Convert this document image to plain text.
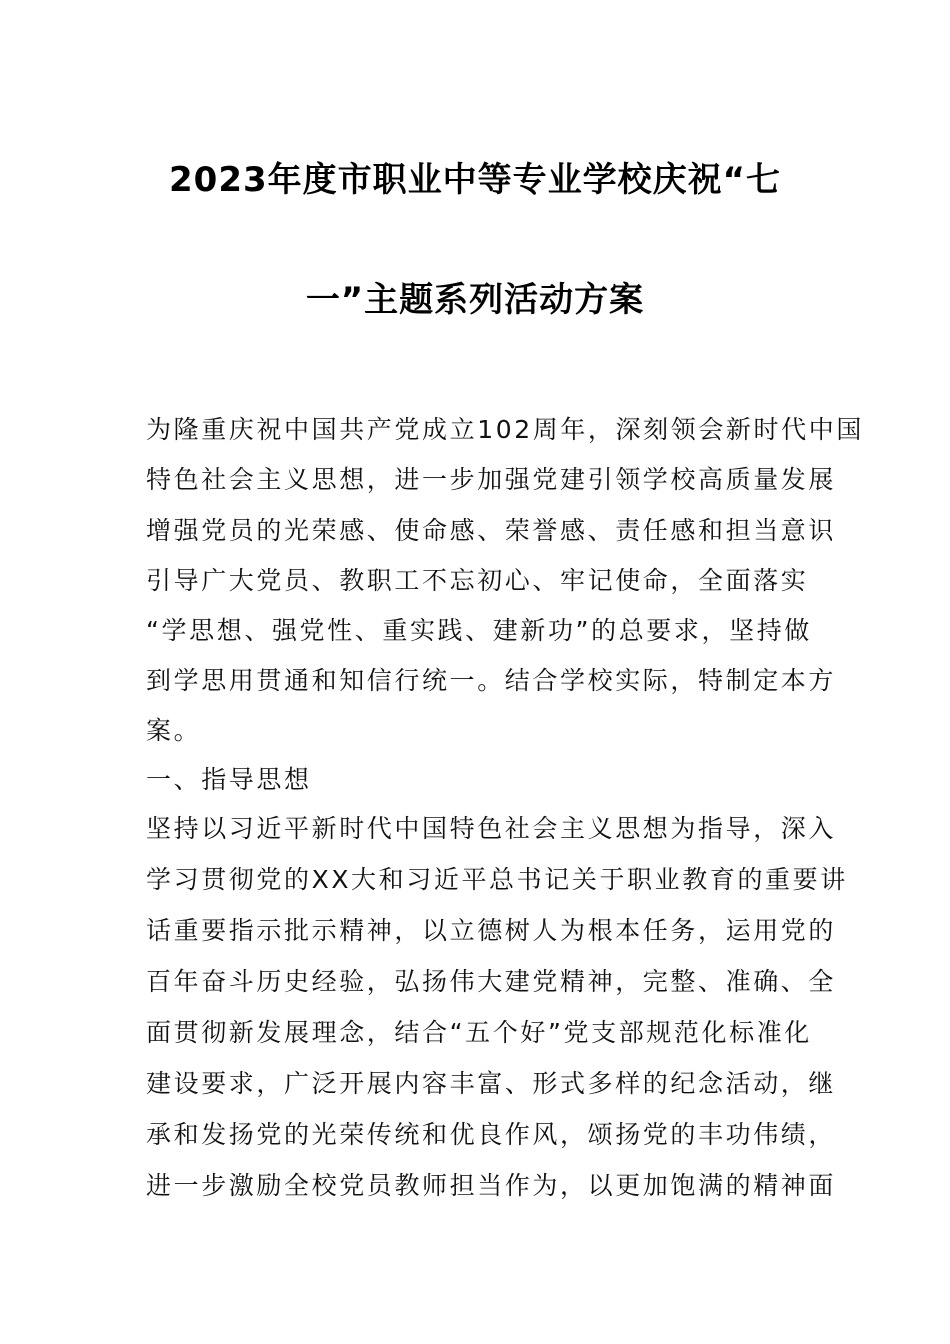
2023年度市职业中等专业学校庆祝“七
一”主题系列活动方案
为隆重庆祝中国共产党成立102周年，深刻领会新时代中国
特色社会主义思想，进一步加强党建引领学校高质量发展
增强党员的光荣感、使命感、荣誉感、责任感和担当意识
引导广大党员、教职工不忘初心、牢记使命，全面落实
“学思想、强党性、重实践、建新功”的总要求，坚持做
到学思用贯通和知信行统一。结合学校实际，特制定本方
案。
一、指导思想
坚持以习近平新时代中国特色社会主义思想为指导，深入
学习贯彻党的XX大和习近平总书记关于职业教育的重要讲
话重要指示批示精神，以立德树人为根本任务，运用党的
百年奋斗历史经验，弘扬伟大建党精神，完整、准确、全
面贯彻新发展理念，结合“五个好”党支部规范化标准化
建设要求，广泛开展内容丰富、形式多样的纪念活动，继
承和发扬党的光荣传统和优良作风，颂扬党的丰功伟绩，
进一步激励全校党员教师担当作为，以更加饱满的精神面
